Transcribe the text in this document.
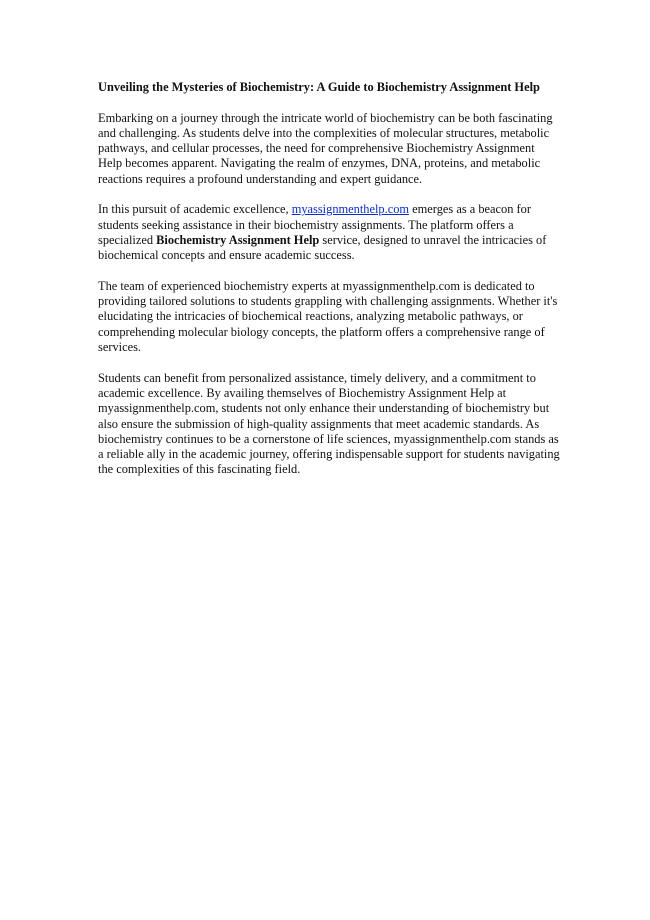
Unveiling the Mysteries of Biochemistry: A Guide to Biochemistry Assignment Help

Embarking on a journey through the intricate world of biochemistry can be both fascinating and challenging. As students delve into the complexities of molecular structures, metabolic pathways, and cellular processes, the need for comprehensive Biochemistry Assignment Help becomes apparent. Navigating the realm of enzymes, DNA, proteins, and metabolic reactions requires a profound understanding and expert guidance.

In this pursuit of academic excellence, myassignmenthelp.com emerges as a beacon for students seeking assistance in their biochemistry assignments. The platform offers a specialized Biochemistry Assignment Help service, designed to unravel the intricacies of biochemical concepts and ensure academic success.

The team of experienced biochemistry experts at myassignmenthelp.com is dedicated to providing tailored solutions to students grappling with challenging assignments. Whether it's elucidating the intricacies of biochemical reactions, analyzing metabolic pathways, or comprehending molecular biology concepts, the platform offers a comprehensive range of services.

Students can benefit from personalized assistance, timely delivery, and a commitment to academic excellence. By availing themselves of Biochemistry Assignment Help at myassignmenthelp.com, students not only enhance their understanding of biochemistry but also ensure the submission of high-quality assignments that meet academic standards. As biochemistry continues to be a cornerstone of life sciences, myassignmenthelp.com stands as a reliable ally in the academic journey, offering indispensable support for students navigating the complexities of this fascinating field.
